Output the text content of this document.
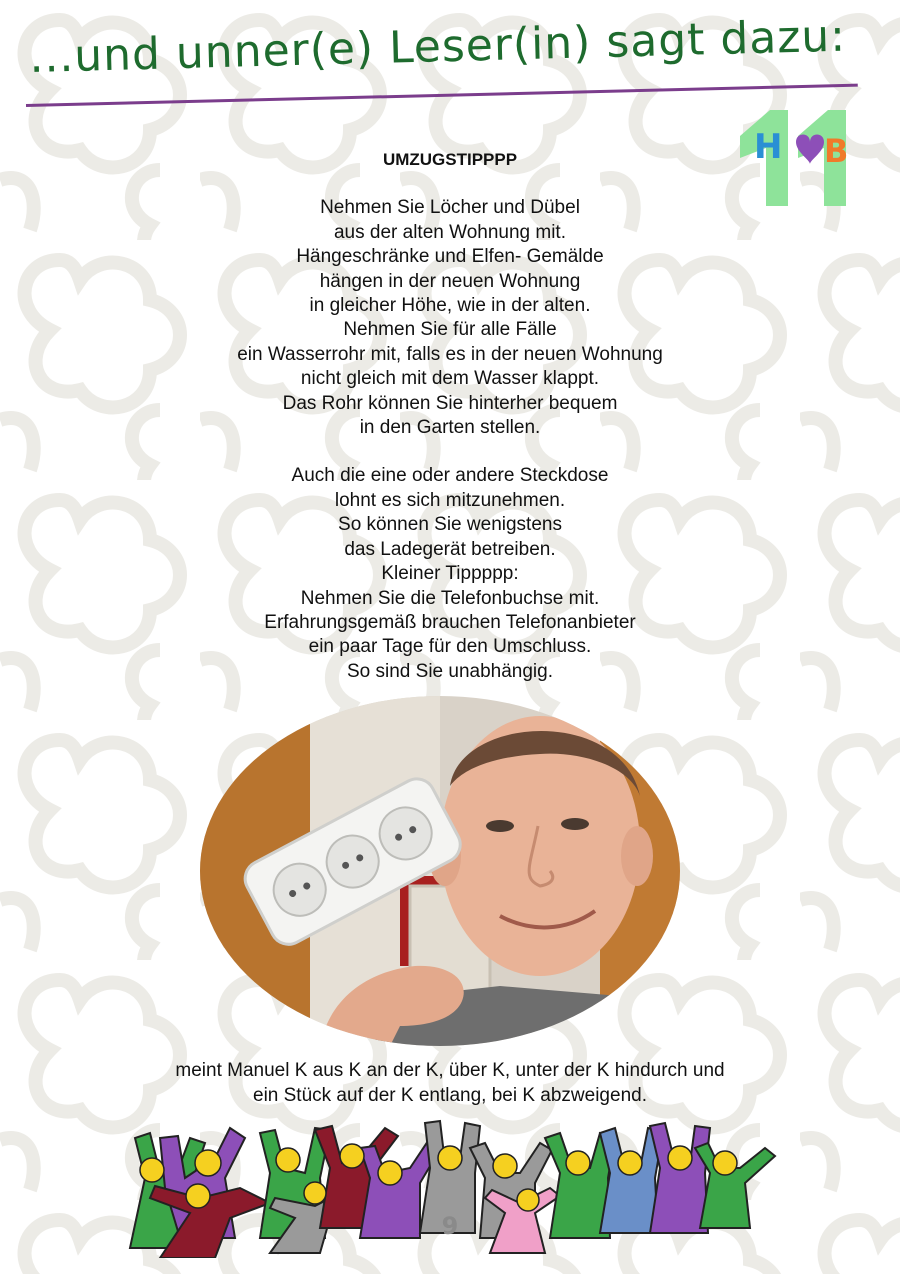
...und unner(e) Leser(in) sagt dazu:
H B
UMZUGSTIPPPP
Nehmen Sie Löcher und Dübel
aus der alten Wohnung mit.
Hängeschränke und Elfen- Gemälde
hängen in der neuen Wohnung
in gleicher Höhe, wie in der alten.
Nehmen Sie für alle Fälle
ein Wasserrohr mit, falls es in der neuen Wohnung
nicht gleich mit dem Wasser klappt.
Das Rohr können Sie hinterher bequem
in den Garten stellen.
Auch die eine oder andere Steckdose
lohnt es sich mitzunehmen.
So können Sie wenigstens
das Ladegerät betreiben.
Kleiner Tippppp:
Nehmen Sie die Telefonbuchse mit.
Erfahrungsgemäß brauchen Telefonanbieter
ein paar Tage für den Umschluss.
So sind Sie unabhängig.
meint Manuel K aus K an der K, über K, unter der K hindurch und
ein Stück auf der K entlang, bei K abzweigend.
9
